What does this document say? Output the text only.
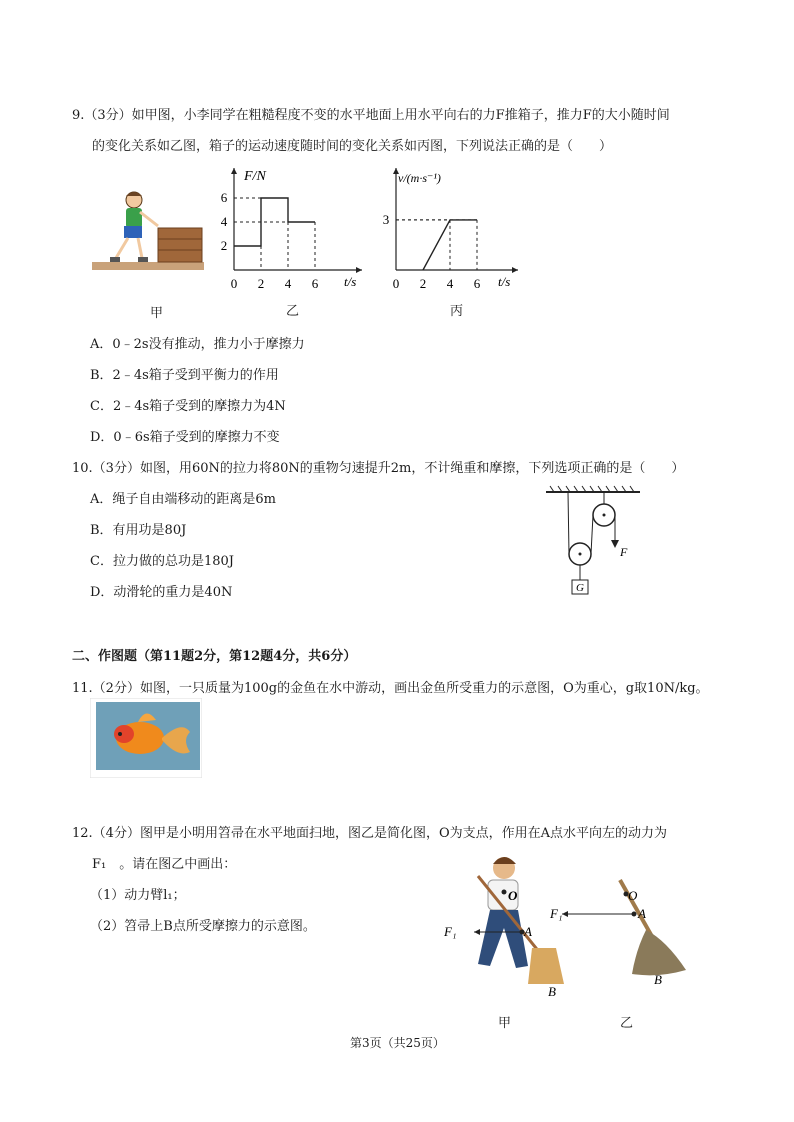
9.（3分）如甲图，小李同学在粗糙程度不变的水平地面上用水平向右的力F推箱子，推力F的大小随时间
的变化关系如乙图，箱子的运动速度随时间的变化关系如丙图，下列说法正确的是（　　）
甲
0 2 4 6
2
4
6
F/N
t/s
乙
0 2 4 6
3
v/(m·s⁻¹)
t/s
丙
A．0﹣2s没有推动，推力小于摩擦力
B．2﹣4s箱子受到平衡力的作用
C．2﹣4s箱子受到的摩擦力为4N
D．0﹣6s箱子受到的摩擦力不变
10.（3分）如图，用60N的拉力将80N的重物匀速提升2m，不计绳重和摩擦，下列选项正确的是（　　）
A．绳子自由端移动的距离是6m
B．有用功是80J
C．拉力做的总功是180J
D．动滑轮的重力是40N	G
F
二、作图题（第11题2分，第12题4分，共6分）
11.（2分）如图，一只质量为100g的金鱼在水中游动，画出金鱼所受重力的示意图，O为重心，g取10N/kg。
12.（4分）图甲是小明用笤帚在水平地面扫地，图乙是简化图，O为支点，作用在A点水平向左的动力为
F₁　。请在图乙中画出：
（1）动力臂l₁；
（2）笤帚上B点所受摩擦力的示意图。
O
A
F₁
B
甲
O
A
F₁
B
乙
第3页（共25页）
